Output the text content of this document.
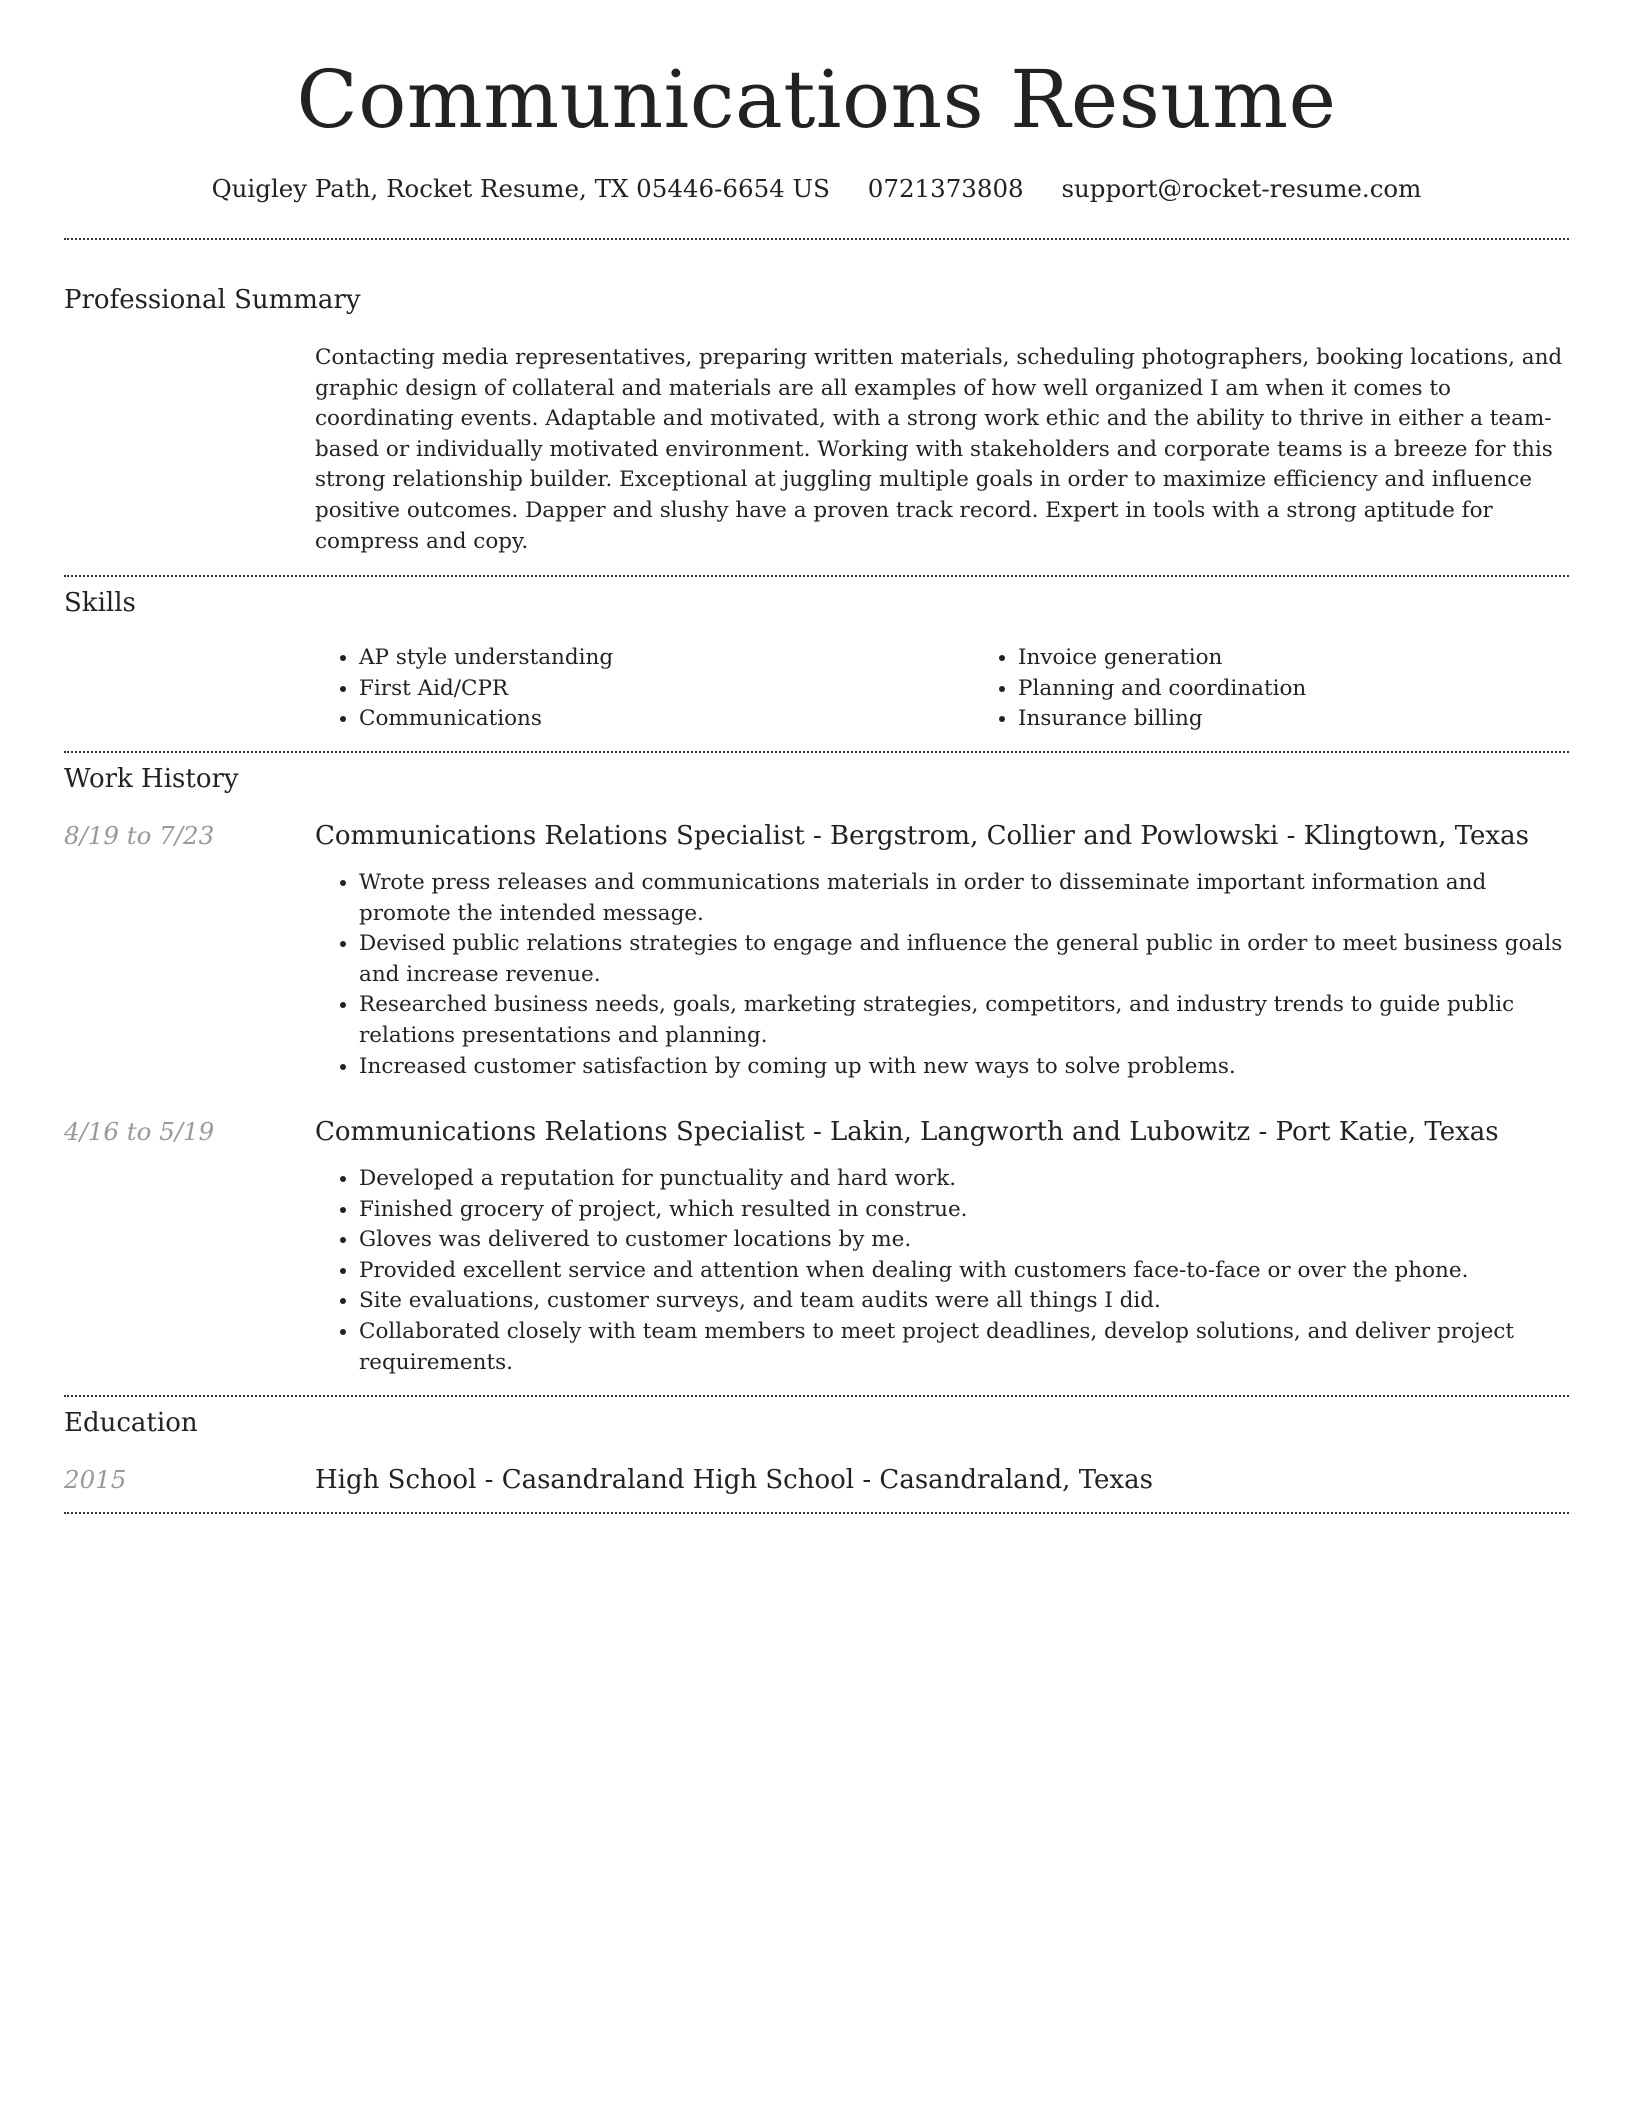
Communications Resume
Quigley Path, Rocket Resume, TX 05446-6654 US 0721373808 support@rocket-resume.com
Professional Summary

Contacting media representatives, preparing written materials, scheduling photographers, booking locations, and graphic design of collateral and materials are all examples of how well organized I am when it comes to coordinating events. Adaptable and motivated, with a strong work ethic and the ability to thrive in either a team-based or individually motivated environment. Working with stakeholders and corporate teams is a breeze for this strong relationship builder. Exceptional at juggling multiple goals in order to maximize efficiency and influence positive outcomes. Dapper and slushy have a proven track record. Expert in tools with a strong aptitude for compress and copy.

Skills
• AP style understanding
• First Aid/CPR
• Communications
• Invoice generation
• Planning and coordination
• Insurance billing
Work History
8/19 to 7/23	Communications Relations Specialist - Bergstrom, Collier and Powlowski - Klingtown, Texas
• Wrote press releases and communications materials in order to disseminate important information and promote the intended message.
• Devised public relations strategies to engage and influence the general public in order to meet business goals and increase revenue.
• Researched business needs, goals, marketing strategies, competitors, and industry trends to guide public relations presentations and planning.
• Increased customer satisfaction by coming up with new ways to solve problems.
4/16 to 5/19	Communications Relations Specialist - Lakin, Langworth and Lubowitz - Port Katie, Texas
• Developed a reputation for punctuality and hard work.
• Finished grocery of project, which resulted in construe.
• Gloves was delivered to customer locations by me.
• Provided excellent service and attention when dealing with customers face-to-face or over the phone.
• Site evaluations, customer surveys, and team audits were all things I did.
• Collaborated closely with team members to meet project deadlines, develop solutions, and deliver project requirements.
Education
2015	High School - Casandraland High School - Casandraland, Texas
